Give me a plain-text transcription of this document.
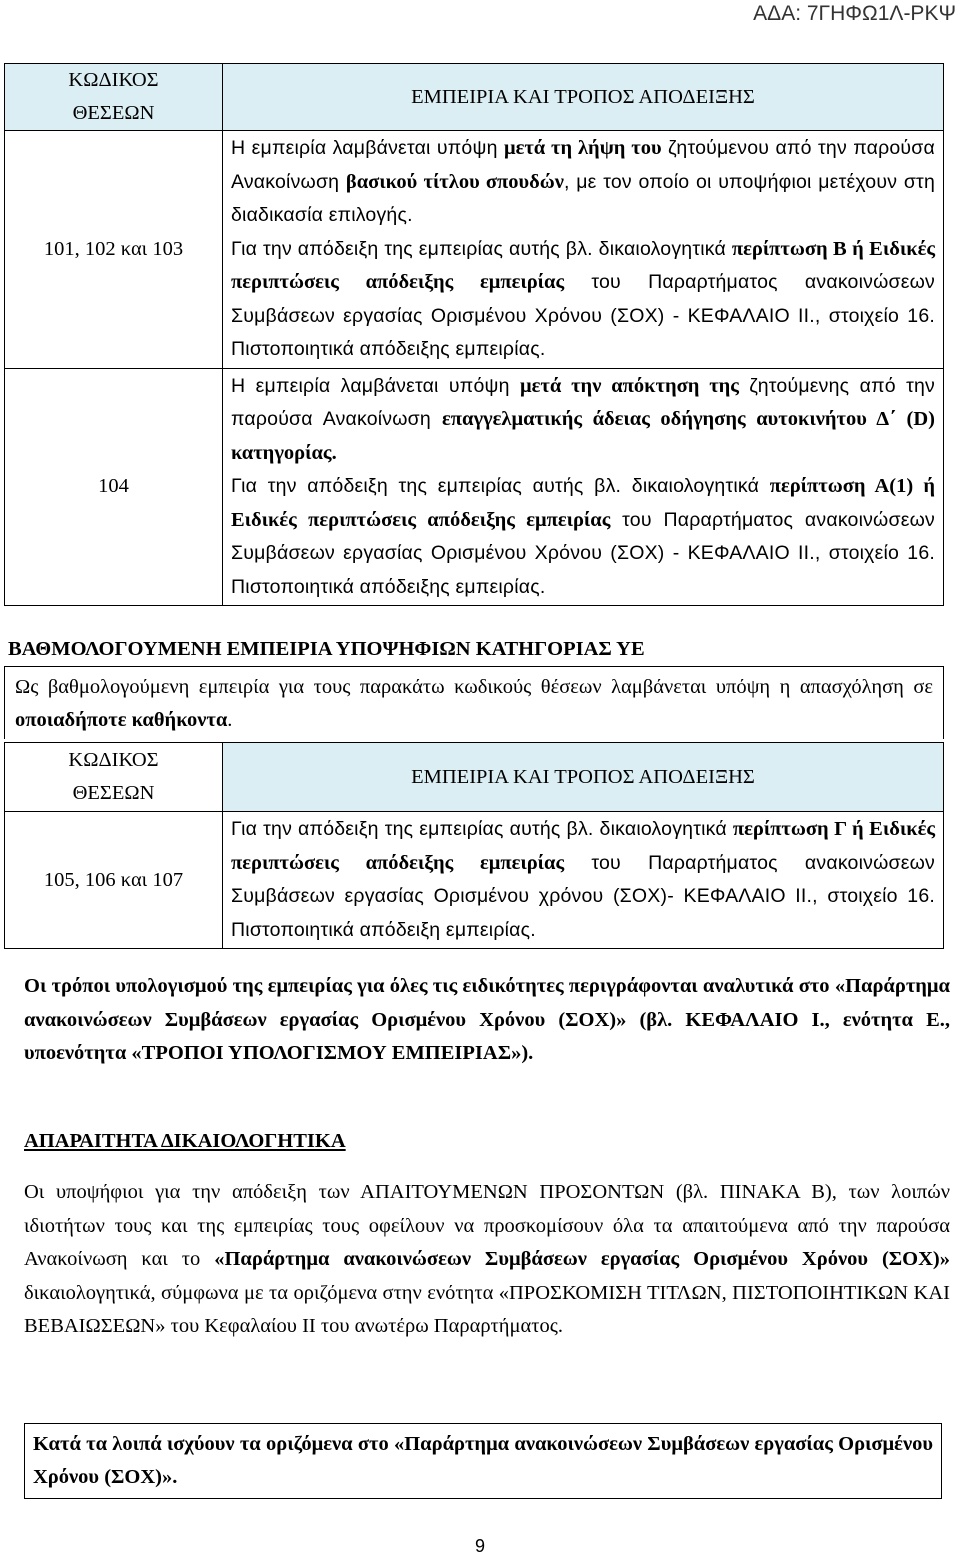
ΑΔΑ: 7ΓΗΦΩ1Λ-ΡΚΨ
ΚΩΔΙΚΟΣ
ΘΕΣΕΩΝ	ΕΜΠΕΙΡΙΑ ΚΑΙ ΤΡΟΠΟΣ ΑΠΟΔΕΙΞΗΣ
101, 102 και 103	Η εμπειρία λαμβάνεται υπόψη μετά τη λήψη του ζητούμενου από την παρούσα Ανακοίνωση βασικού τίτλου σπουδών, με τον οποίο οι υποψήφιοι μετέχουν στη διαδικασία επιλογής.
Για την απόδειξη της εμπειρίας αυτής βλ. δικαιολογητικά περίπτωση Β ή Ειδικές περιπτώσεις απόδειξης εμπειρίας του Παραρτήματος ανακοινώσεων Συμβάσεων εργασίας Ορισμένου Χρόνου (ΣΟΧ) - ΚΕΦΑΛΑΙΟ ΙΙ., στοιχείο 16. Πιστοποιητικά απόδειξης εμπειρίας.
104	Η εμπειρία λαμβάνεται υπόψη μετά την απόκτηση της ζητούμενης από την παρούσα Ανακοίνωση επαγγελματικής άδειας οδήγησης αυτοκινήτου Δ΄ (D) κατηγορίας.
Για την απόδειξη της εμπειρίας αυτής βλ. δικαιολογητικά περίπτωση Α(1) ή Ειδικές περιπτώσεις απόδειξης εμπειρίας του Παραρτήματος ανακοινώσεων Συμβάσεων εργασίας Ορισμένου Χρόνου (ΣΟΧ) - ΚΕΦΑΛΑΙΟ ΙΙ., στοιχείο 16. Πιστοποιητικά απόδειξης εμπειρίας.
ΒΑΘΜΟΛΟΓΟΥΜΕΝΗ ΕΜΠΕΙΡΙΑ ΥΠΟΨΗΦΙΩΝ ΚΑΤΗΓΟΡΙΑΣ ΥΕ
Ως βαθμολογούμενη εμπειρία για τους παρακάτω κωδικούς θέσεων λαμβάνεται υπόψη η απασχόληση σε οποιαδήποτε καθήκοντα.
ΚΩΔΙΚΟΣ
ΘΕΣΕΩΝ	ΕΜΠΕΙΡΙΑ ΚΑΙ ΤΡΟΠΟΣ ΑΠΟΔΕΙΞΗΣ
105, 106 και 107	Για την απόδειξη της εμπειρίας αυτής βλ. δικαιολογητικά περίπτωση Γ ή Ειδικές περιπτώσεις απόδειξης εμπειρίας του Παραρτήματος ανακοινώσεων Συμβάσεων εργασίας Ορισμένου χρόνου (ΣΟΧ)- ΚΕΦΑΛΑΙΟ ΙΙ., στοιχείο 16. Πιστοποιητικά απόδειξη εμπειρίας.
Οι τρόποι υπολογισμού της εμπειρίας για όλες τις ειδικότητες περιγράφονται αναλυτικά στο «Παράρτημα ανακοινώσεων Συμβάσεων εργασίας Ορισμένου Χρόνου (ΣΟΧ)» (βλ. ΚΕΦΑΛΑΙΟ Ι., ενότητα Ε., υποενότητα «ΤΡΟΠΟΙ ΥΠΟΛΟΓΙΣΜΟΥ ΕΜΠΕΙΡΙΑΣ»).
ΑΠΑΡΑΙΤΗΤΑ ΔΙΚΑΙΟΛΟΓΗΤΙΚΑ
Οι υποψήφιοι για την απόδειξη των ΑΠΑΙΤΟΥΜΕΝΩΝ ΠΡΟΣΟΝΤΩΝ (βλ. ΠΙΝΑΚΑ Β), των λοιπών ιδιοτήτων τους και της εμπειρίας τους οφείλουν να προσκομίσουν όλα τα απαιτούμενα από την παρούσα Ανακοίνωση και το «Παράρτημα ανακοινώσεων Συμβάσεων εργασίας Ορισμένου Χρόνου (ΣΟΧ)» δικαιολογητικά, σύμφωνα με τα οριζόμενα στην ενότητα «ΠΡΟΣΚΟΜΙΣΗ ΤΙΤΛΩΝ, ΠΙΣΤΟΠΟΙΗΤΙΚΩΝ ΚΑΙ ΒΕΒΑΙΩΣΕΩΝ» του Κεφαλαίου ΙΙ του ανωτέρω Παραρτήματος.
Κατά τα λοιπά ισχύουν τα οριζόμενα στο «Παράρτημα ανακοινώσεων Συμβάσεων εργασίας Ορισμένου Χρόνου (ΣΟΧ)».
9
